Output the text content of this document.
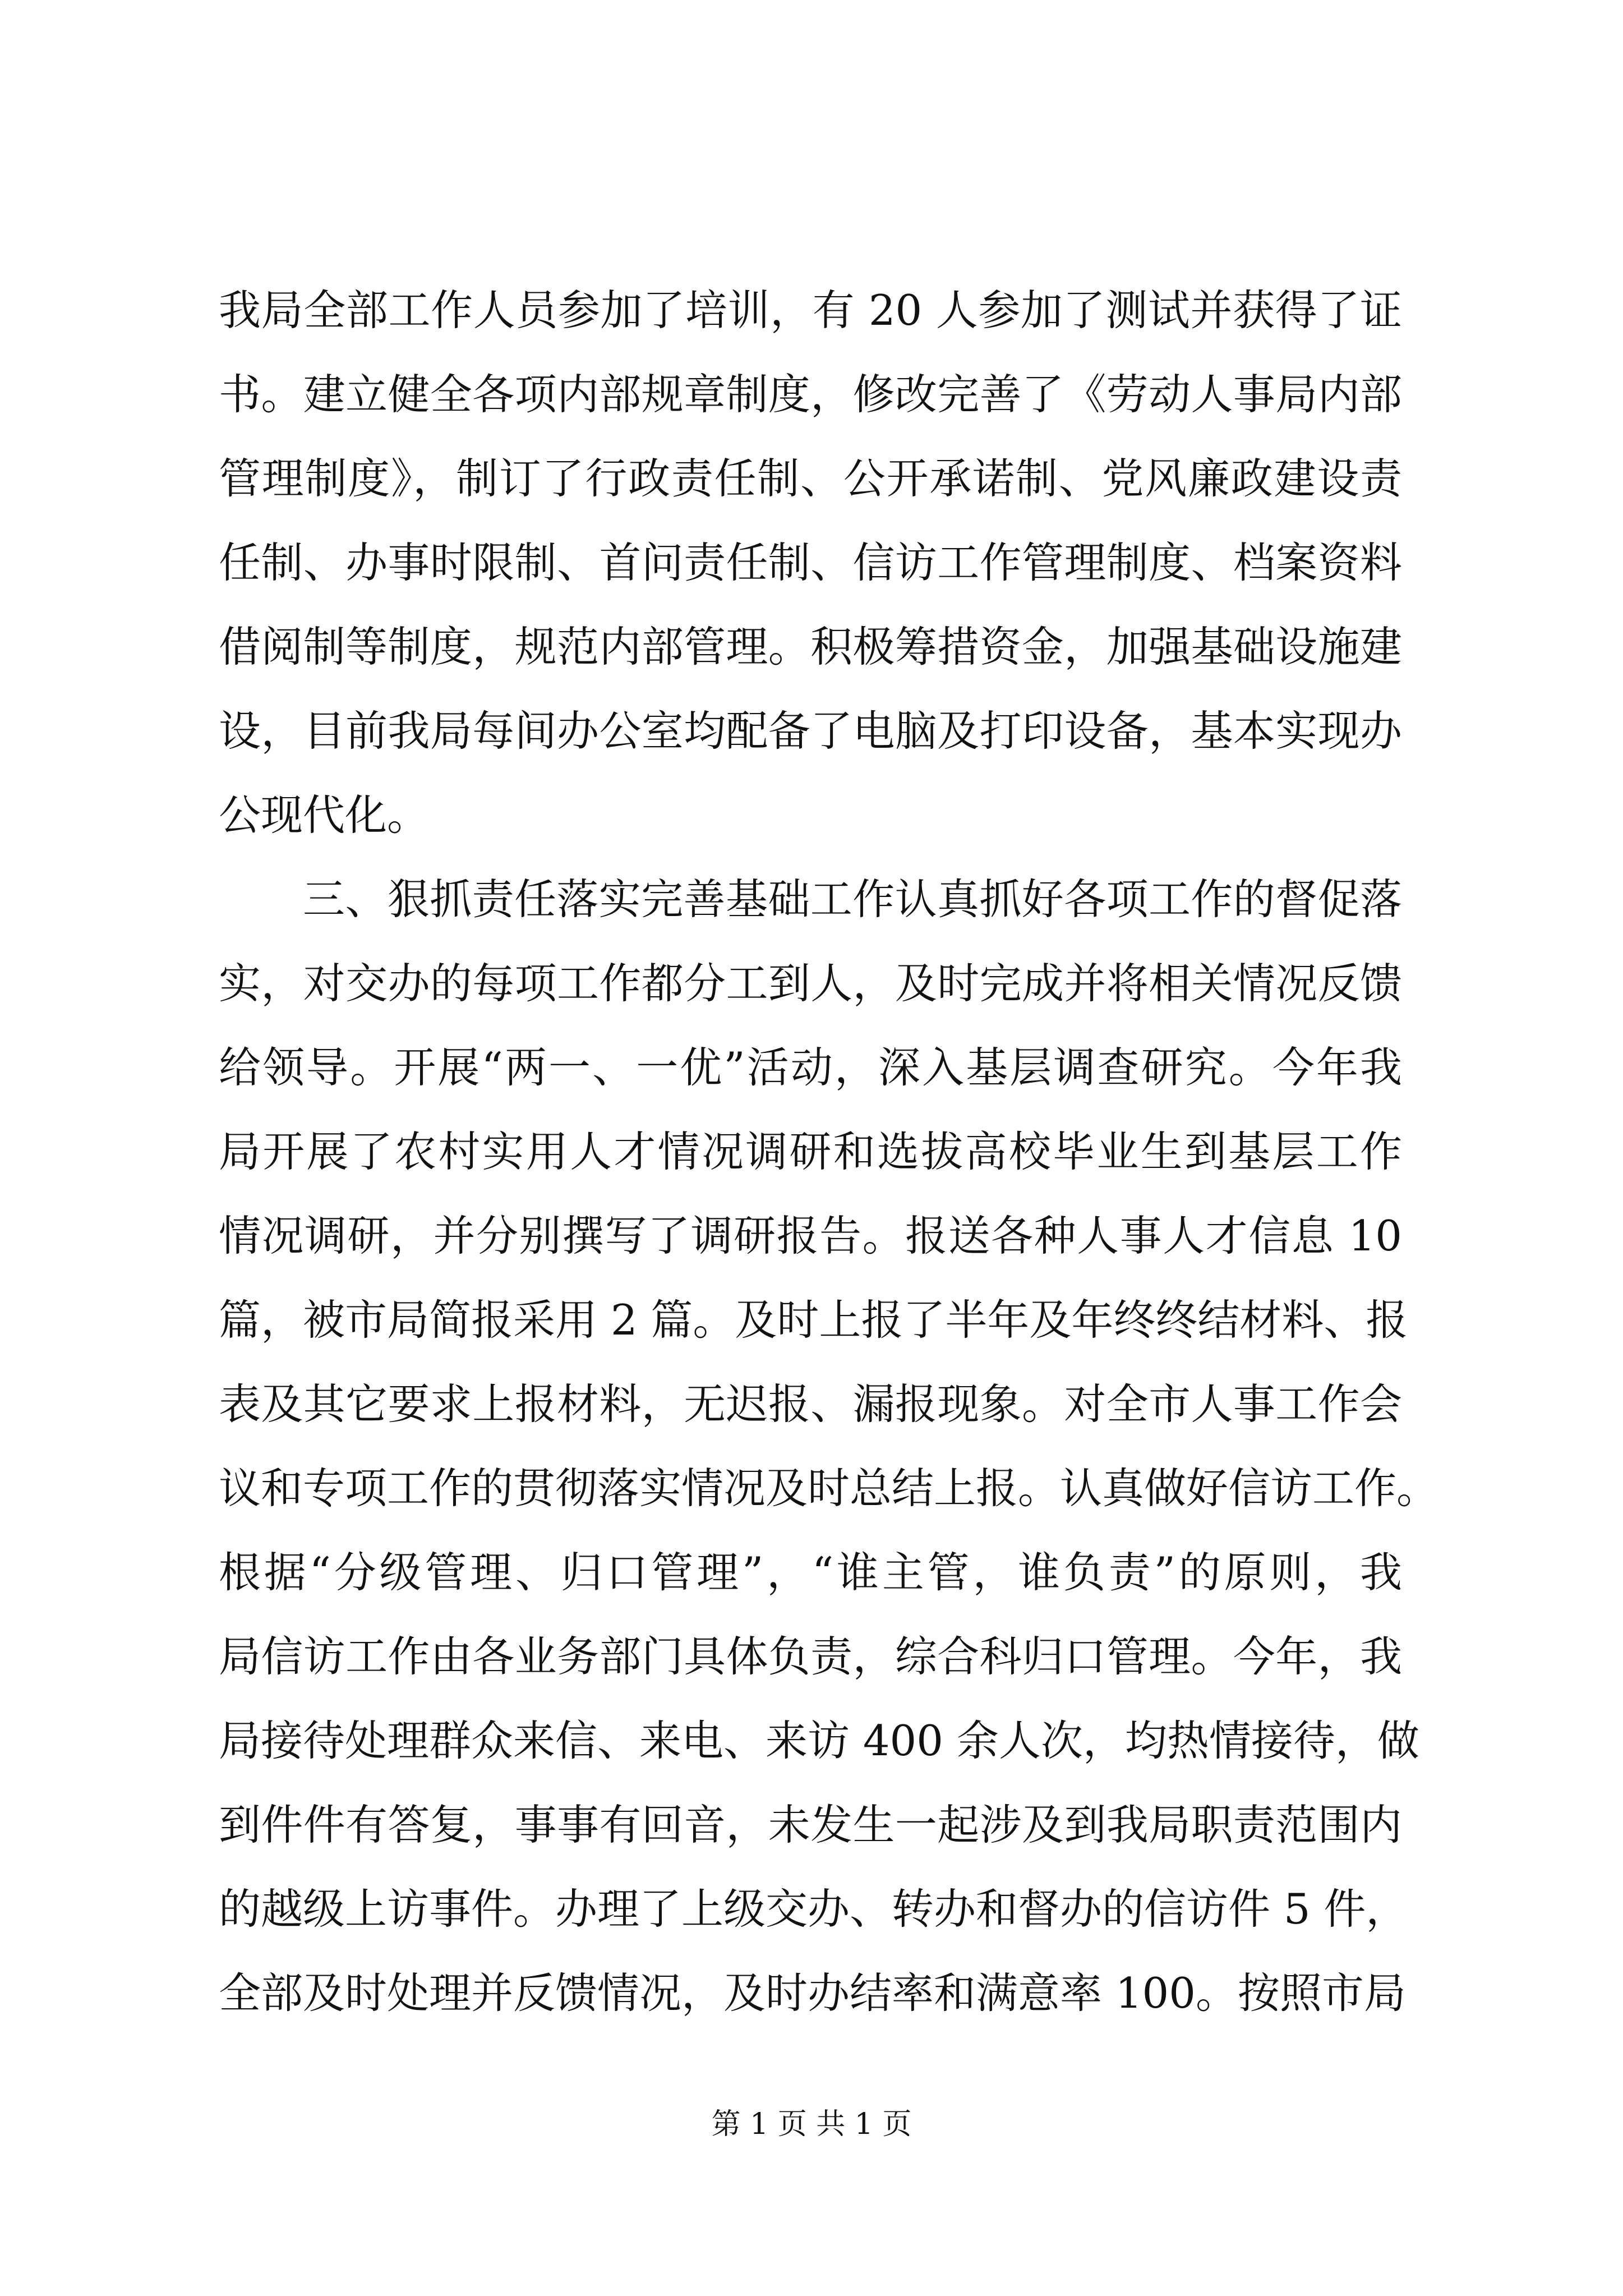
我局全部工作人员参加了培训，有 20 人参加了测试并获得了证
书。建立健全各项内部规章制度，修改完善了《劳动人事局内部
管理制度》，制订了行政责任制、公开承诺制、党风廉政建设责
任制、办事时限制、首问责任制、信访工作管理制度、档案资料
借阅制等制度，规范内部管理。积极筹措资金，加强基础设施建
设，目前我局每间办公室均配备了电脑及打印设备，基本实现办
公现代化。
三、狠抓责任落实完善基础工作认真抓好各项工作的督促落
实，对交办的每项工作都分工到人，及时完成并将相关情况反馈
给领导。开展“两一、一优”活动，深入基层调查研究。今年我
局开展了农村实用人才情况调研和选拔高校毕业生到基层工作
情况调研，并分别撰写了调研报告。报送各种人事人才信息 10
篇，被市局简报采用 2 篇。及时上报了半年及年终终结材料、报
表及其它要求上报材料，无迟报、漏报现象。对全市人事工作会
议和专项工作的贯彻落实情况及时总结上报。认真做好信访工作。
根据“分级管理、归口管理”，“谁主管，谁负责”的原则，我
局信访工作由各业务部门具体负责，综合科归口管理。今年，我
局接待处理群众来信、来电、来访 400 余人次，均热情接待，做
到件件有答复，事事有回音，未发生一起涉及到我局职责范围内
的越级上访事件。办理了上级交办、转办和督办的信访件 5 件，
全部及时处理并反馈情况，及时办结率和满意率 100。按照市局
第 1 页 共 1 页
